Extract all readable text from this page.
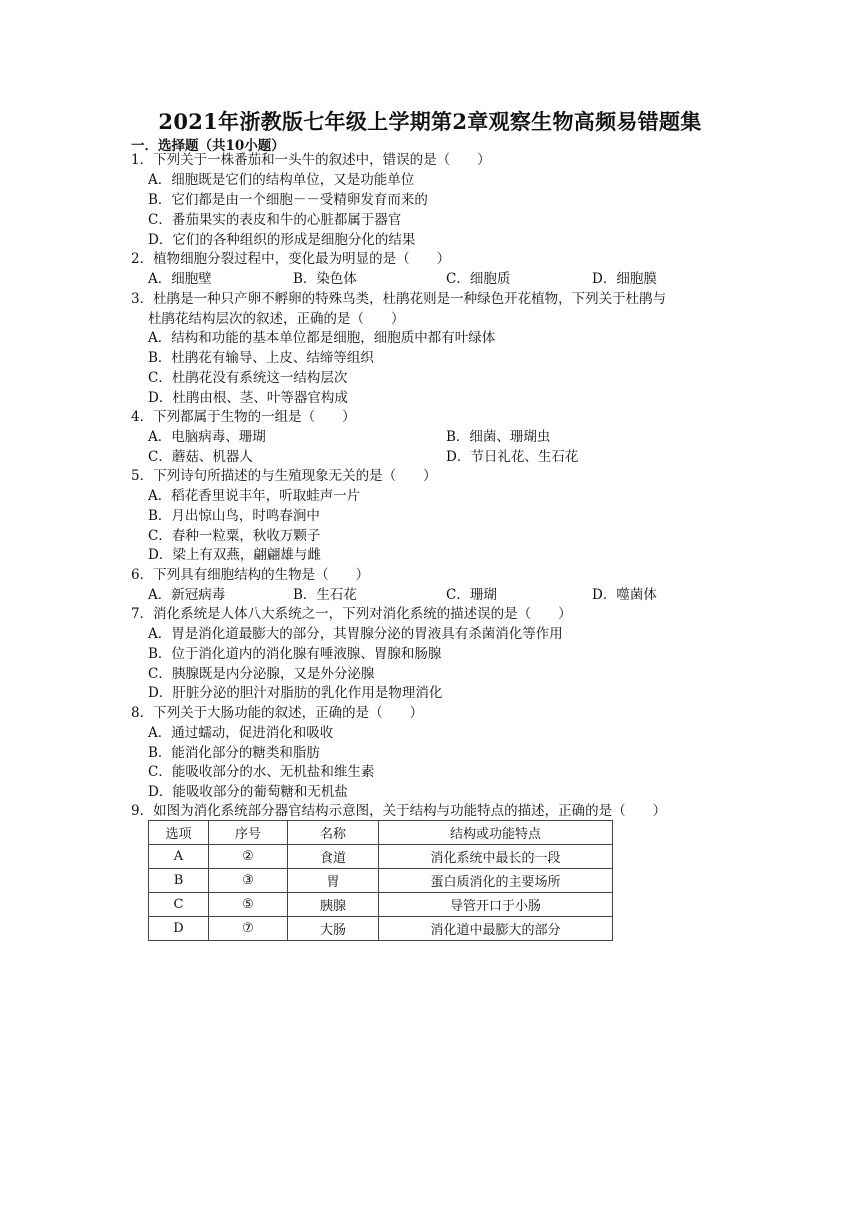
2021年浙教版七年级上学期第2章观察生物高频易错题集
一．选择题（共10小题）
1．下列关于一株番茄和一头牛的叙述中，错误的是（　　）
A．细胞既是它们的结构单位，又是功能单位
B．它们都是由一个细胞－－受精卵发育而来的
C．番茄果实的表皮和牛的心脏都属于器官
D．它们的各种组织的形成是细胞分化的结果
2．植物细胞分裂过程中，变化最为明显的是（　　）
A．细胞壁	B．染色体	C．细胞质	D．细胞膜
3．杜鹃是一种只产卵不孵卵的特殊鸟类，杜鹃花则是一种绿色开花植物，下列关于杜鹃与
杜鹃花结构层次的叙述，正确的是（　　）
A．结构和功能的基本单位都是细胞，细胞质中都有叶绿体
B．杜鹃花有输导、上皮、结缔等组织
C．杜鹃花没有系统这一结构层次
D．杜鹃由根、茎、叶等器官构成
4．下列都属于生物的一组是（　　）
A．电脑病毒、珊瑚	B．细菌、珊瑚虫
C．蘑菇、机器人	D．节日礼花、生石花
5．下列诗句所描述的与生殖现象无关的是（　　）
A．稻花香里说丰年，听取蛙声一片
B．月出惊山鸟，时鸣春涧中
C．春种一粒粟，秋收万颗子
D．梁上有双燕，翩翩雄与雌
6．下列具有细胞结构的生物是（　　）
A．新冠病毒	B．生石花	C．珊瑚	D．噬菌体
7．消化系统是人体八大系统之一，下列对消化系统的描述误的是（　　）
A．胃是消化道最膨大的部分，其胃腺分泌的胃液具有杀菌消化等作用
B．位于消化道内的消化腺有唾液腺、胃腺和肠腺
C．胰腺既是内分泌腺，又是外分泌腺
D．肝脏分泌的胆汁对脂肪的乳化作用是物理消化
8．下列关于大肠功能的叙述，正确的是（　　）
A．通过蠕动，促进消化和吸收
B．能消化部分的糖类和脂肪
C．能吸收部分的水、无机盐和维生素
D．能吸收部分的葡萄糖和无机盐
9．如图为消化系统部分器官结构示意图，关于结构与功能特点的描述，正确的是（　　）
选项	序号	名称	结构或功能特点
A	②	食道	消化系统中最长的一段
B	③	胃	蛋白质消化的主要场所
C	⑤	胰腺	导管开口于小肠
D	⑦	大肠	消化道中最膨大的部分
